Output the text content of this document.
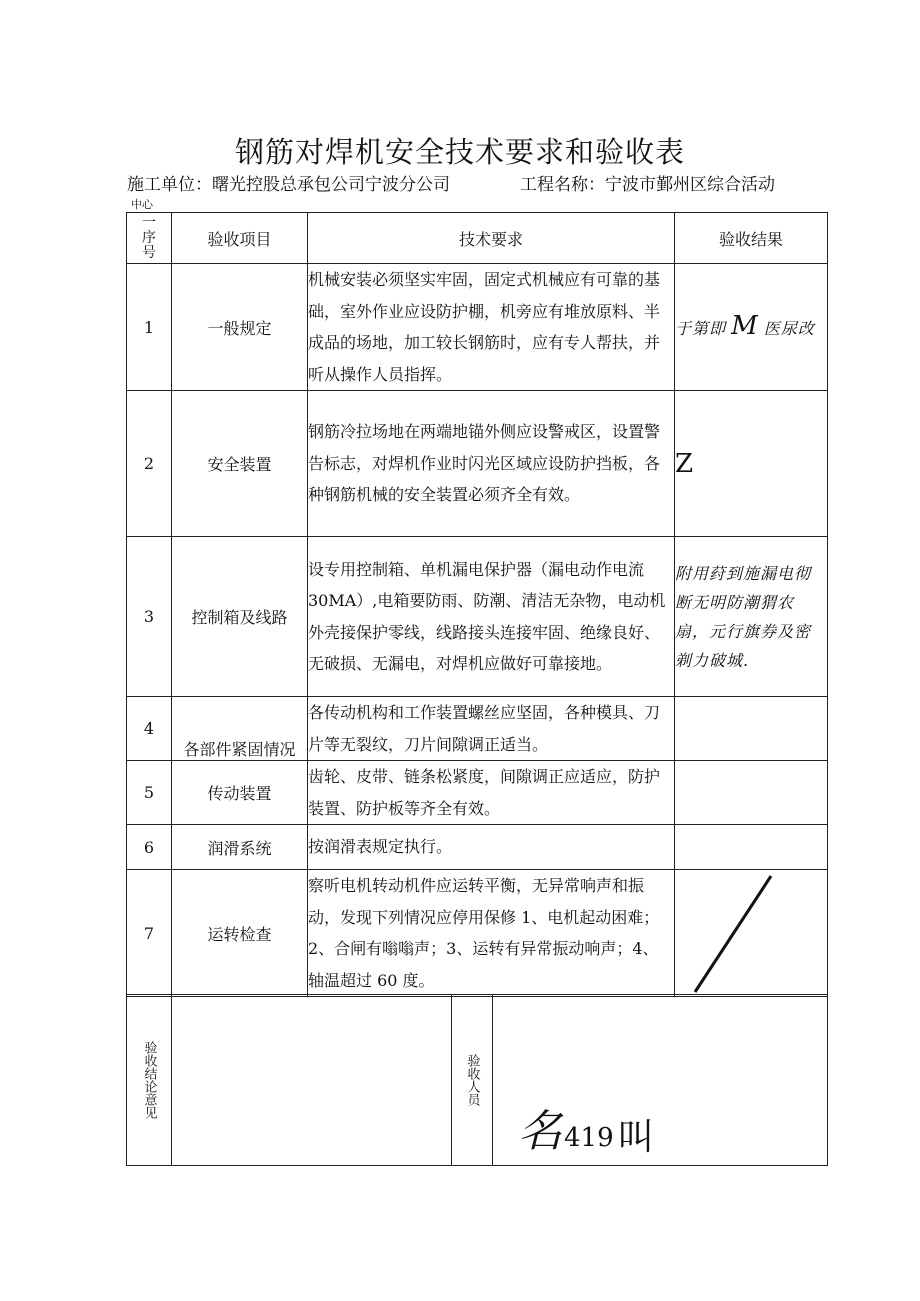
钢筋对焊机安全技术要求和验收表
施工单位：曙光控股总承包公司宁波分公司	工程名称：宁波市鄞州区综合活动
中心
一
序
号	验收项目	技术要求	验收结果
1	一般规定	机械安装必须坚实牢固，固定式机械应有可靠的基础，室外作业应设防护棚，机旁应有堆放原料、半成品的场地，加工较长钢筋时，应有专人帮扶，并听从操作人员指挥。	于第即 M 医尿改
2	安全装置	钢筋冷拉场地在两端地锚外侧应设警戒区，设置警告标志，对焊机作业时闪光区域应设防护挡板，各种钢筋机械的安全装置必须齐全有效。	Z
3	控制箱及线路	设专用控制箱、单机漏电保护器（漏电动作电流30MA）,电箱要防雨、防潮、清洁无杂物，电动机外壳接保护零线，线路接头连接牢固、绝缘良好、无破损、无漏电，对焊机应做好可靠接地。	附用荮到施漏电彻断无明防潮猬农扇，元行旗券及密剃力破城.

4	各部件紧固情况	各传动机构和工作装置螺丝应坚固，各种模具、刀片等无裂纹，刀片间隙调正适当。	
5	传动装置	齿轮、皮带、链条松紧度，间隙调正应适应，防护装置、防护板等齐全有效。	
6	润滑系统	按润滑表规定执行。	
7	运转检查	察听电机转动机件应运转平衡，无异常响声和振动，发现下列情况应停用保修 1、电机起动困难；2、合闸有嗡嗡声；3、运转有异常振动响声；4、轴温超过 60 度。	
验收结论意见		验收人员

名 419 叫
